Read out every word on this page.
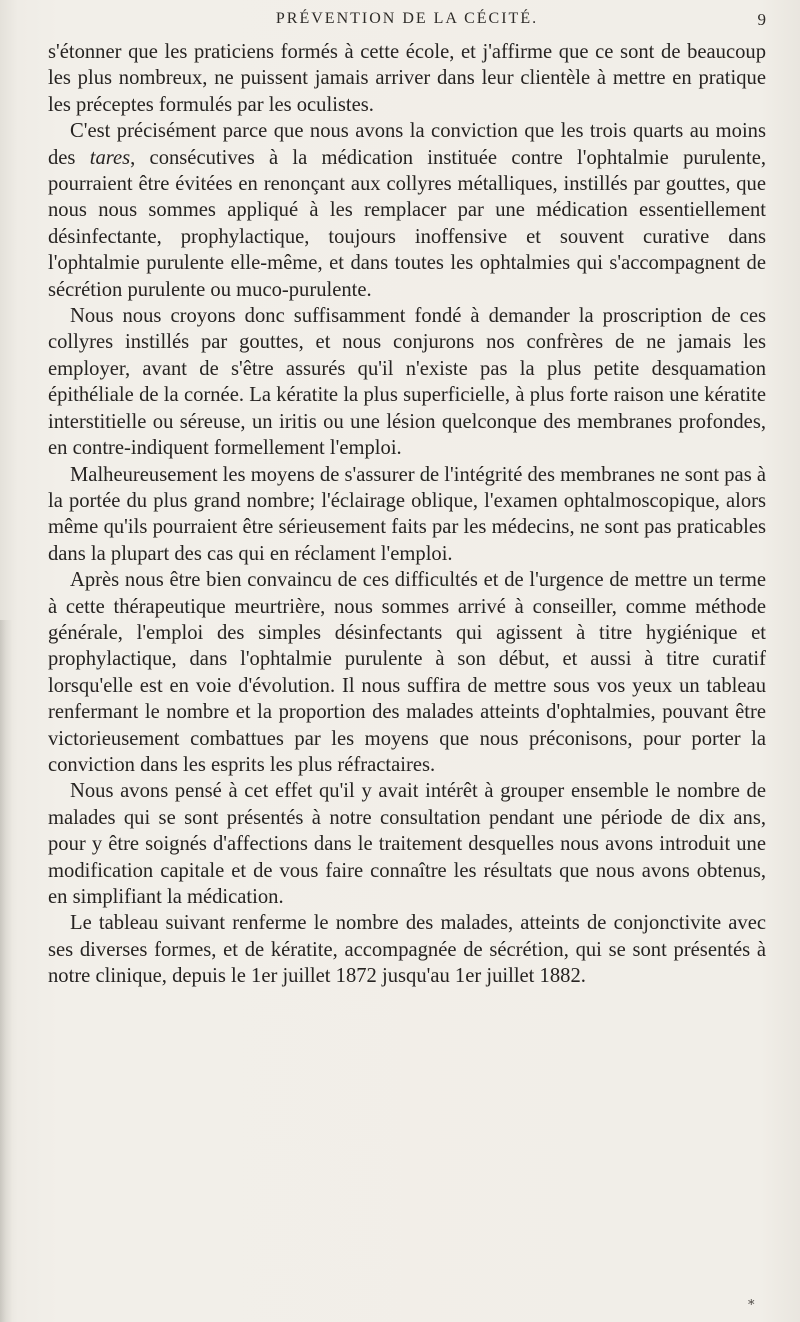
PRÉVENTION DE LA CÉCITÉ.	9

s'étonner que les praticiens formés à cette école, et j'affirme que ce sont de beaucoup les plus nombreux, ne puissent jamais arriver dans leur clientèle à mettre en pratique les préceptes formulés par les oculistes.

C'est précisément parce que nous avons la conviction que les trois quarts au moins des tares, consécutives à la médication instituée contre l'ophtalmie purulente, pourraient être évitées en renonçant aux collyres métalliques, instillés par gouttes, que nous nous sommes appliqué à les remplacer par une médication essentiellement désinfectante, prophylactique, toujours inoffensive et souvent curative dans l'ophtalmie purulente elle-même, et dans toutes les ophtalmies qui s'accompagnent de sécrétion purulente ou muco-purulente.

Nous nous croyons donc suffisamment fondé à demander la proscription de ces collyres instillés par gouttes, et nous conjurons nos confrères de ne jamais les employer, avant de s'être assurés qu'il n'existe pas la plus petite desquamation épithéliale de la cornée. La kératite la plus superficielle, à plus forte raison une kératite interstitielle ou séreuse, un iritis ou une lésion quelconque des membranes profondes, en contre-indiquent formellement l'emploi.

Malheureusement les moyens de s'assurer de l'intégrité des membranes ne sont pas à la portée du plus grand nombre; l'éclairage oblique, l'examen ophtalmoscopique, alors même qu'ils pourraient être sérieusement faits par les médecins, ne sont pas praticables dans la plupart des cas qui en réclament l'emploi.

Après nous être bien convaincu de ces difficultés et de l'urgence de mettre un terme à cette thérapeutique meurtrière, nous sommes arrivé à conseiller, comme méthode générale, l'emploi des simples désinfectants qui agissent à titre hygiénique et prophylactique, dans l'ophtalmie purulente à son début, et aussi à titre curatif lorsqu'elle est en voie d'évolution. Il nous suffira de mettre sous vos yeux un tableau renfermant le nombre et la proportion des malades atteints d'ophtalmies, pouvant être victorieusement combattues par les moyens que nous préconisons, pour porter la conviction dans les esprits les plus réfractaires.

Nous avons pensé à cet effet qu'il y avait intérêt à grouper ensemble le nombre de malades qui se sont présentés à notre consultation pendant une période de dix ans, pour y être soignés d'affections dans le traitement desquelles nous avons introduit une modification capitale et de vous faire connaître les résultats que nous avons obtenus, en simplifiant la médication.

Le tableau suivant renferme le nombre des malades, atteints de conjonctivite avec ses diverses formes, et de kératite, accompagnée de sécrétion, qui se sont présentés à notre clinique, depuis le 1er juillet 1872 jusqu'au 1er juillet 1882.

*
